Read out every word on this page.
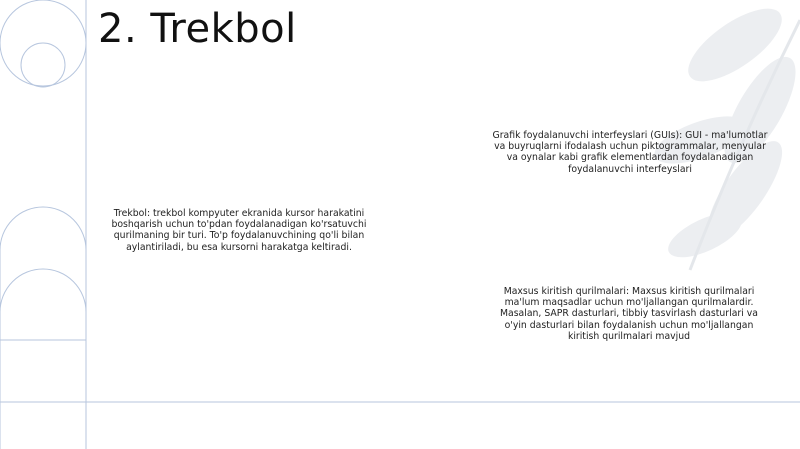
2. Trekbol
Trekbol: trekbol kompyuter ekranida kursor harakatini boshqarish uchun to'pdan foydalanadigan ko'rsatuvchi qurilmaning bir turi. To'p foydalanuvchining qo'li bilan aylantiriladi, bu esa kursorni harakatga keltiradi.
Grafik foydalanuvchi interfeyslari (GUIs): GUI - ma'lumotlar va buyruqlarni ifodalash uchun piktogrammalar, menyular va oynalar kabi grafik elementlardan foydalanadigan foydalanuvchi interfeyslari
Maxsus kiritish qurilmalari: Maxsus kiritish qurilmalari ma'lum maqsadlar uchun mo'ljallangan qurilmalardir. Masalan, SAPR dasturlari, tibbiy tasvirlash dasturlari va o'yin dasturlari bilan foydalanish uchun mo'ljallangan kiritish qurilmalari mavjud
